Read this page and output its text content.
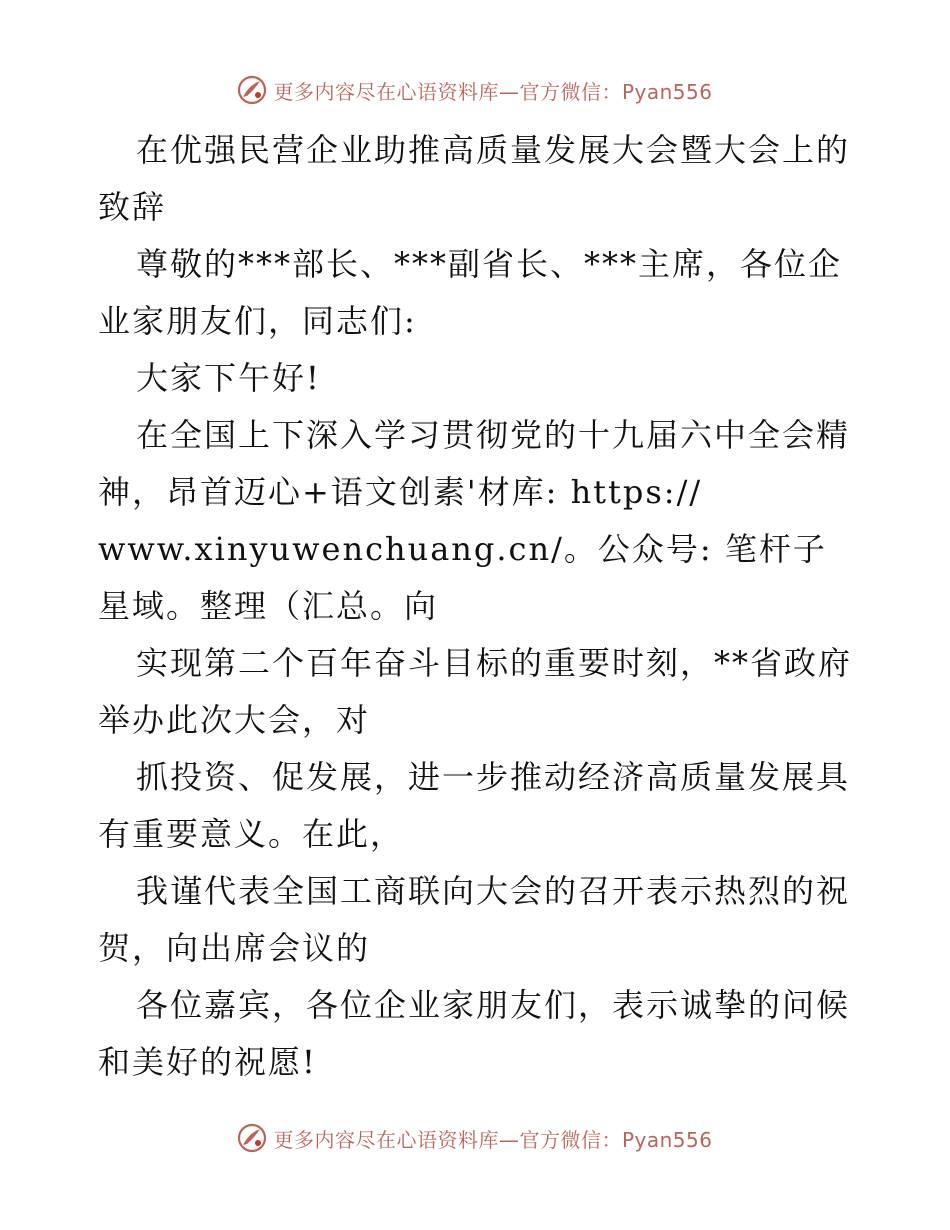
更多内容尽在心语资料库—官方微信：Pyan556

在优强民营企业助推高质量发展大会暨大会上的致辞

尊敬的***部长、***副省长、***主席，各位企业家朋友们，同志们:

大家下午好!

在全国上下深入学习贯彻党的十九届六中全会精神，昂首迈心+语文创素'材库: https://

www.xinyuwenchuang.cn/。公众号: 笔杆子星域。整理（汇总。向

实现第二个百年奋斗目标的重要时刻，**省政府举办此次大会，对

抓投资、促发展，进一步推动经济高质量发展具有重要意义。在此，

我谨代表全国工商联向大会的召开表示热烈的祝贺，向出席会议的

各位嘉宾，各位企业家朋友们，表示诚挚的问候和美好的祝愿!

更多内容尽在心语资料库—官方微信：Pyan556
